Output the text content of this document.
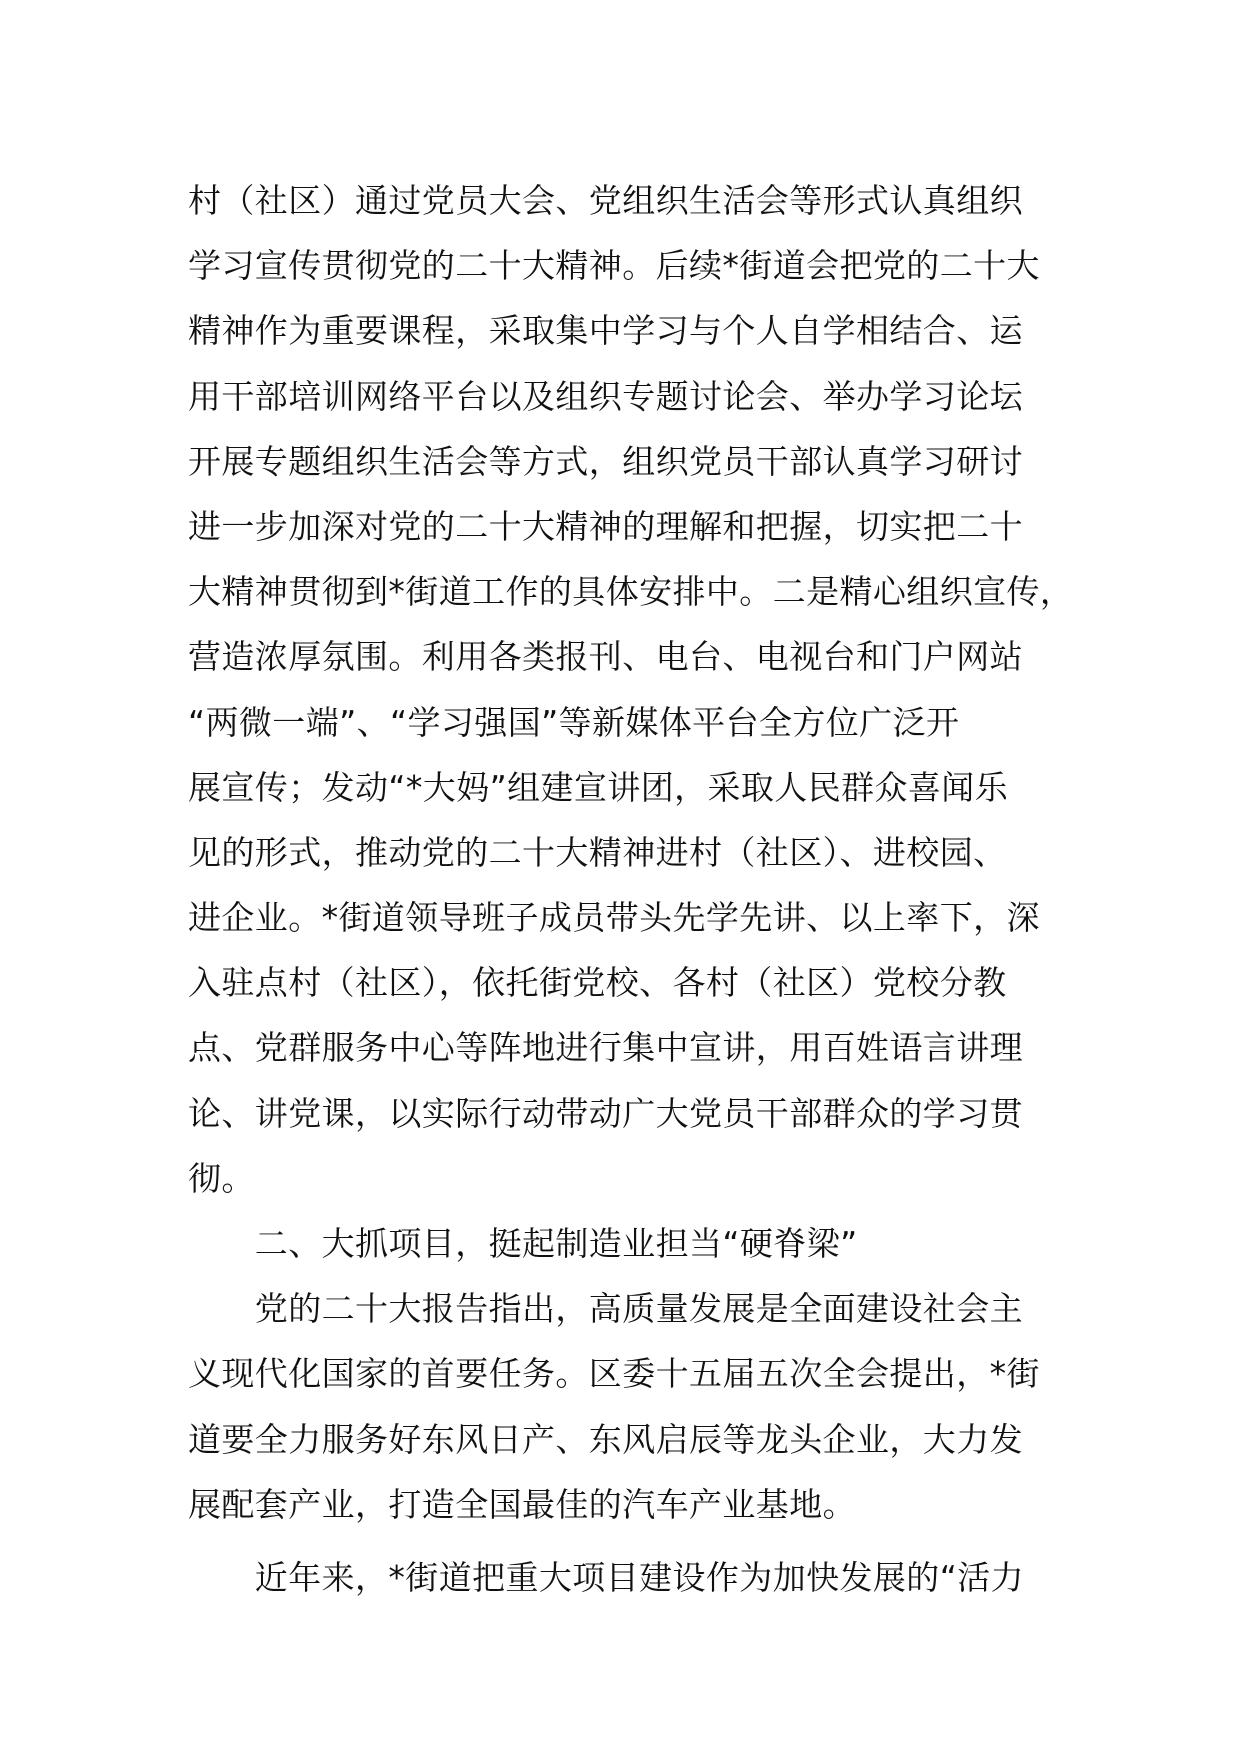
村（社区）通过党员大会、党组织生活会等形式认真组织
学习宣传贯彻党的二十大精神。后续*街道会把党的二十大
精神作为重要课程，采取集中学习与个人自学相结合、运
用干部培训网络平台以及组织专题讨论会、举办学习论坛
开展专题组织生活会等方式，组织党员干部认真学习研讨
进一步加深对党的二十大精神的理解和把握，切实把二十
大精神贯彻到*街道工作的具体安排中。二是精心组织宣传，
营造浓厚氛围。利用各类报刊、电台、电视台和门户网站
“两微一端”、“学习强国”等新媒体平台全方位广泛开
展宣传；发动“*大妈”组建宣讲团，采取人民群众喜闻乐
见的形式，推动党的二十大精神进村（社区）、进校园、
进企业。*街道领导班子成员带头先学先讲、以上率下，深
入驻点村（社区），依托街党校、各村（社区）党校分教
点、党群服务中心等阵地进行集中宣讲，用百姓语言讲理
论、讲党课，以实际行动带动广大党员干部群众的学习贯
彻。
　　二、大抓项目，挺起制造业担当“硬脊梁”
　　党的二十大报告指出，高质量发展是全面建设社会主
义现代化国家的首要任务。区委十五届五次全会提出，*街
道要全力服务好东风日产、东风启辰等龙头企业，大力发
展配套产业，打造全国最佳的汽车产业基地。
　　近年来，*街道把重大项目建设作为加快发展的“活力
